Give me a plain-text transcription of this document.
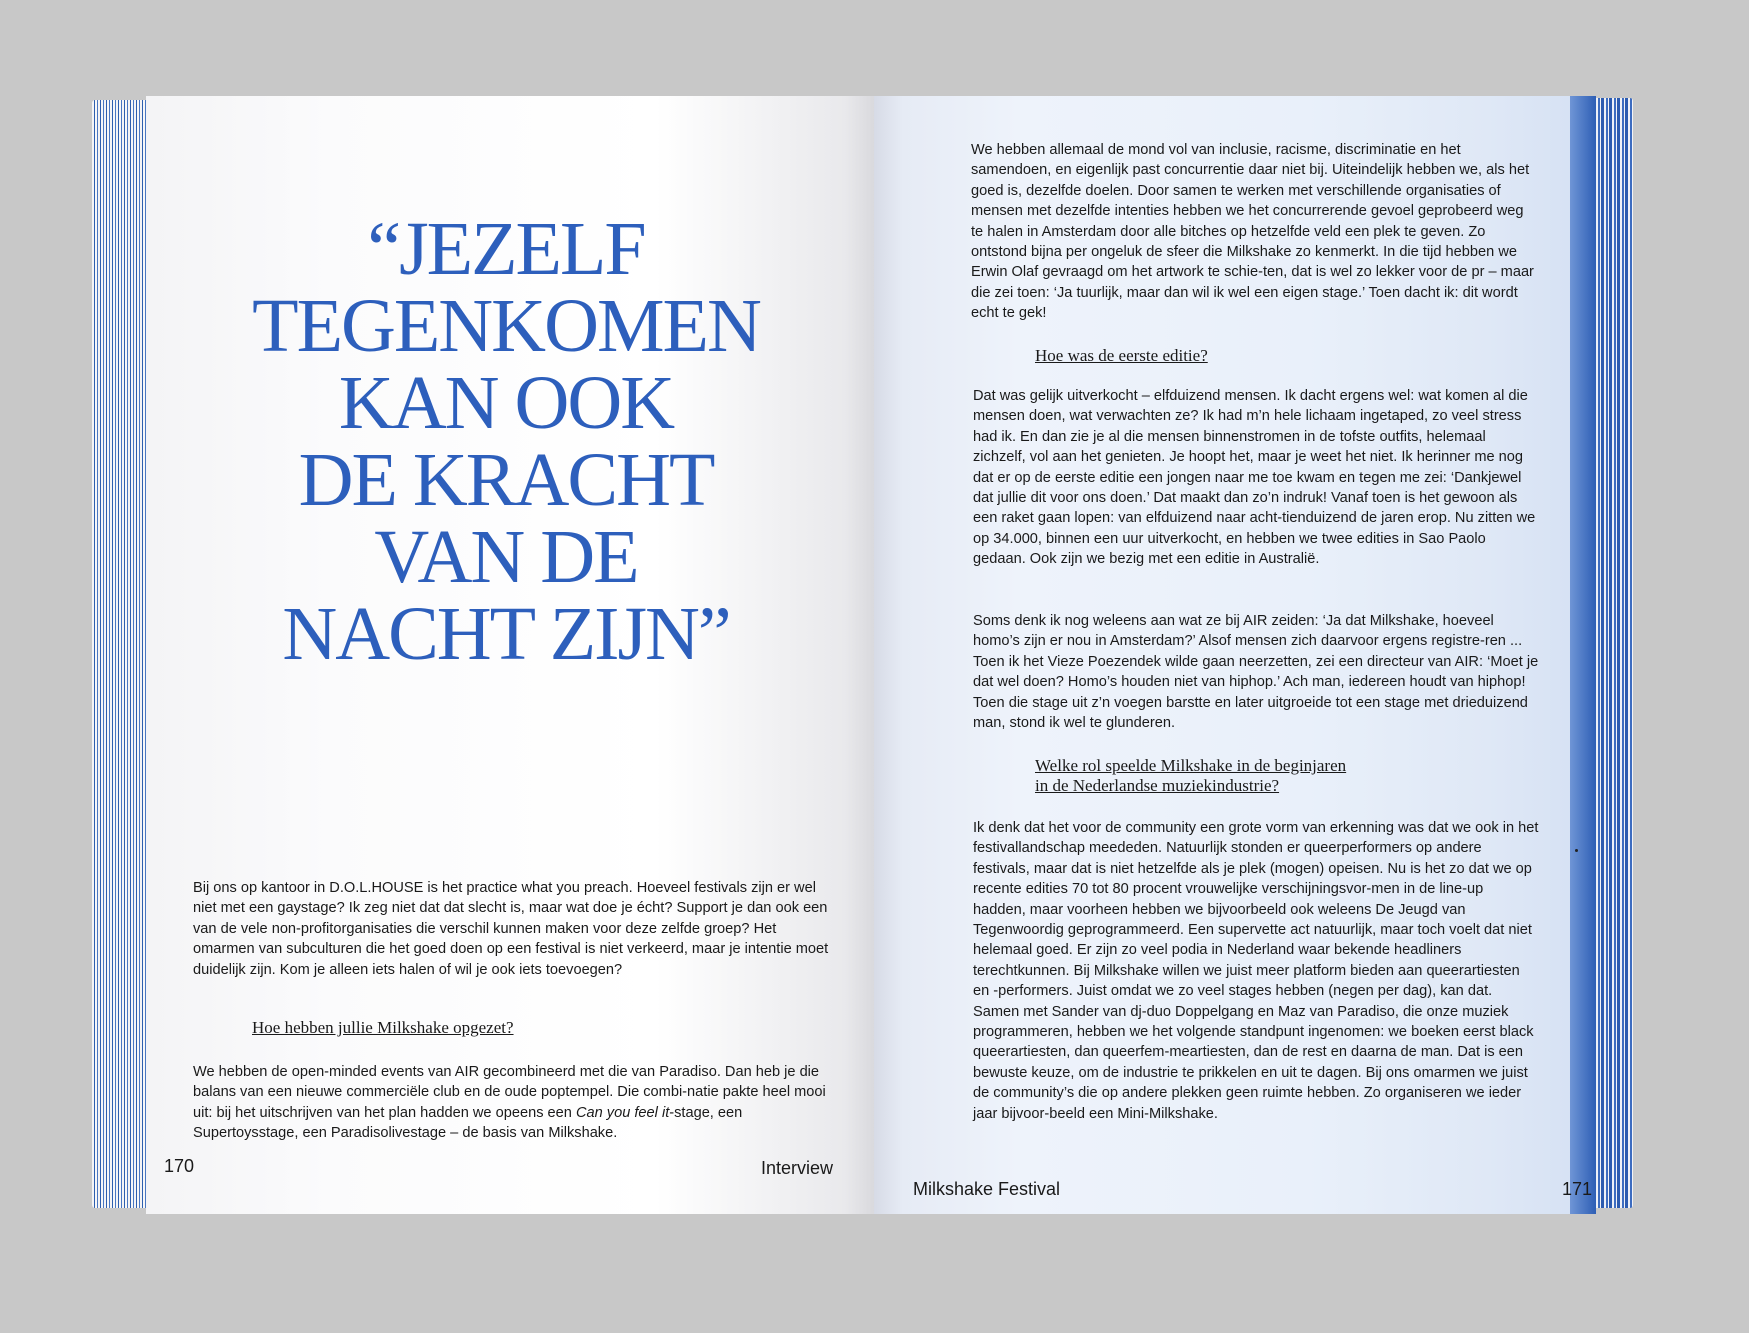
“JEZELF
TEGENKOMEN
KAN OOK
DE KRACHT
VAN DE
NACHT ZIJN”
Bij ons op kantoor in D.O.L.HOUSE is het practice what you preach. Hoeveel festivals zijn er wel niet met een gaystage? Ik zeg niet dat dat slecht is, maar wat doe je écht? Support je dan ook een van de vele non-profitorganisaties die verschil kunnen maken voor deze zelfde groep? Het omarmen van subculturen die het goed doen op een festival is niet verkeerd, maar je intentie moet duidelijk zijn. Kom je alleen iets halen of wil je ook iets toevoegen?
Hoe hebben jullie Milkshake opgezet?
We hebben de open-minded events van AIR gecombineerd met die van Paradiso. Dan heb je die balans van een nieuwe commerciële club en de oude poptempel. Die combi-natie pakte heel mooi uit: bij het uitschrijven van het plan hadden we opeens een Can you feel it-stage, een Supertoysstage, een Paradisolivestage – de basis van Milkshake.
170	Interview
We hebben allemaal de mond vol van inclusie, racisme, discriminatie en het samendoen, en eigenlijk past concurrentie daar niet bij. Uiteindelijk hebben we, als het goed is, dezelfde doelen. Door samen te werken met verschillende organisaties of mensen met dezelfde intenties hebben we het concurrerende gevoel geprobeerd weg te halen in Amsterdam door alle bitches op hetzelfde veld een plek te geven. Zo ontstond bijna per ongeluk de sfeer die Milkshake zo kenmerkt. In die tijd hebben we Erwin Olaf gevraagd om het artwork te schie-ten, dat is wel zo lekker voor de pr – maar die zei toen: ‘Ja tuurlijk, maar dan wil ik wel een eigen stage.’ Toen dacht ik: dit wordt echt te gek!
Hoe was de eerste editie?
Dat was gelijk uitverkocht – elfduizend mensen. Ik dacht ergens wel: wat komen al die mensen doen, wat verwachten ze? Ik had m’n hele lichaam ingetaped, zo veel stress had ik. En dan zie je al die mensen binnenstromen in de tofste outfits, helemaal zichzelf, vol aan het genieten. Je hoopt het, maar je weet het niet. Ik herinner me nog dat er op de eerste editie een jongen naar me toe kwam en tegen me zei: ‘Dankjewel dat jullie dit voor ons doen.’ Dat maakt dan zo’n indruk! Vanaf toen is het gewoon als een raket gaan lopen: van elfduizend naar acht-tienduizend de jaren erop. Nu zitten we op 34.000, binnen een uur uitverkocht, en hebben we twee edities in Sao Paolo gedaan. Ook zijn we bezig met een editie in Australië.
Soms denk ik nog weleens aan wat ze bij AIR zeiden: ‘Ja dat Milkshake, hoeveel homo’s zijn er nou in Amsterdam?’ Alsof mensen zich daarvoor ergens registre-ren ... Toen ik het Vieze Poezendek wilde gaan neerzetten, zei een directeur van AIR: ‘Moet je dat wel doen? Homo’s houden niet van hiphop.’ Ach man, iedereen houdt van hiphop! Toen die stage uit z’n voegen barstte en later uitgroeide tot een stage met drieduizend man, stond ik wel te glunderen.
Welke rol speelde Milkshake in de beginjaren
in de Nederlandse muziekindustrie?
Ik denk dat het voor de community een grote vorm van erkenning was dat we ook in het festivallandschap meededen. Natuurlijk stonden er queerperformers op andere festivals, maar dat is niet hetzelfde als je plek (mogen) opeisen. Nu is het zo dat we op recente edities 70 tot 80 procent vrouwelijke verschijningsvor-men in de line-up hadden, maar voorheen hebben we bijvoorbeeld ook weleens De Jeugd van Tegenwoordig geprogrammeerd. Een supervette act natuurlijk, maar toch voelt dat niet helemaal goed. Er zijn zo veel podia in Nederland waar bekende headliners terechtkunnen. Bij Milkshake willen we juist meer platform bieden aan queerartiesten en -performers. Juist omdat we zo veel stages hebben (negen per dag), kan dat. Samen met Sander van dj-duo Doppelgang en Maz van Paradiso, die onze muziek programmeren, hebben we het volgende standpunt ingenomen: we boeken eerst black queerartiesten, dan queerfem-meartiesten, dan de rest en daarna de man. Dat is een bewuste keuze, om de industrie te prikkelen en uit te dagen. Bij ons omarmen we juist de community’s die op andere plekken geen ruimte hebben. Zo organiseren we ieder jaar bijvoor-beeld een Mini-Milkshake.
Milkshake Festival	171
